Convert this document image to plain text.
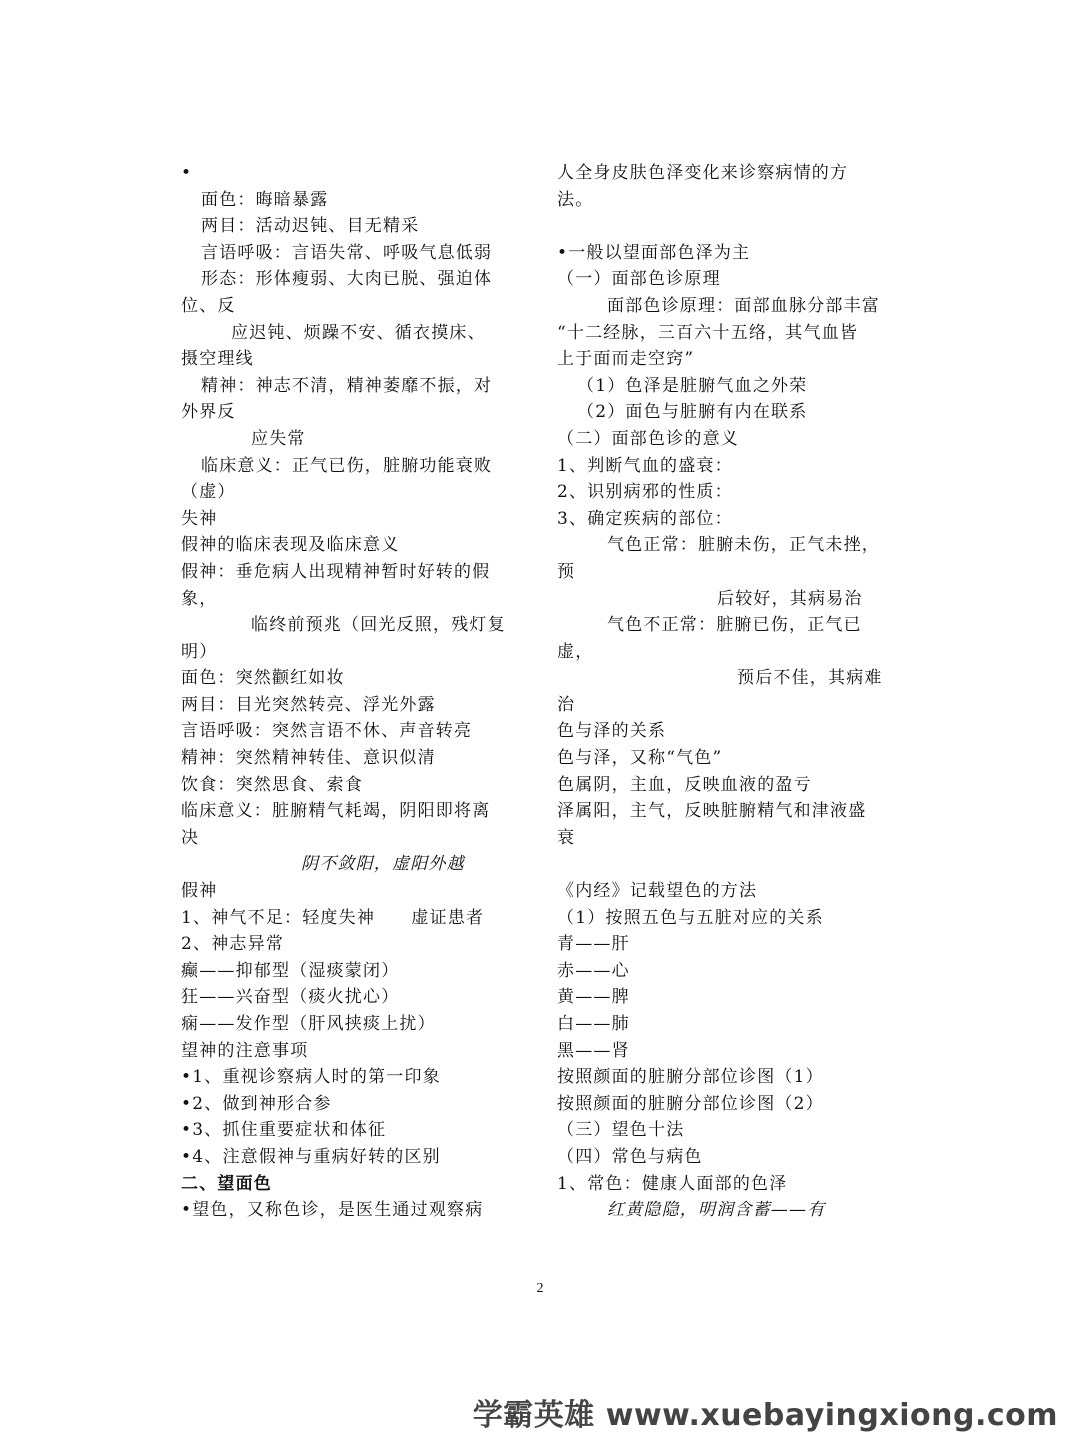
•
面色：晦暗暴露
两目：活动迟钝、目无精采
言语呼吸：言语失常、呼吸气息低弱
形态：形体瘦弱、大肉已脱、强迫体
位、反
应迟钝、烦躁不安、循衣摸床、
摄空理线
精神：神志不清，精神萎靡不振，对
外界反
应失常
临床意义：正气已伤，脏腑功能衰败
（虚）
失神
假神的临床表现及临床意义
假神：垂危病人出现精神暂时好转的假
象，
临终前预兆（回光反照，残灯复
明）
面色：突然颧红如妆
两目：目光突然转亮、浮光外露
言语呼吸：突然言语不休、声音转亮
精神：突然精神转佳、意识似清
饮食：突然思食、索食
临床意义：脏腑精气耗竭，阴阳即将离
决
阴不敛阳，虚阳外越
假神
1、神气不足：轻度失神　　虚证患者
2、神志异常
癫——抑郁型（湿痰蒙闭）
狂——兴奋型（痰火扰心）
痫——发作型（肝风挟痰上扰）
望神的注意事项
•1、重视诊察病人时的第一印象
•2、做到神形合参
•3、抓住重要症状和体征
•4、注意假神与重病好转的区别
二、望面色
•望色，又称色诊，是医生通过观察病
人全身皮肤色泽变化来诊察病情的方
法。
•一般以望面部色泽为主
（一）面部色诊原理
面部色诊原理：面部血脉分部丰富
“十二经脉，三百六十五络，其气血皆
上于面而走空窍”
（1）色泽是脏腑气血之外荣
（2）面色与脏腑有内在联系
（二）面部色诊的意义
1、判断气血的盛衰：
2、识别病邪的性质：
3、确定疾病的部位：
气色正常：脏腑未伤，正气未挫，
预
后较好，其病易治
气色不正常：脏腑已伤，正气已
虚，
预后不佳，其病难
治
色与泽的关系
色与泽，又称“气色”
色属阴，主血，反映血液的盈亏
泽属阳，主气，反映脏腑精气和津液盛
衰
《内经》记载望色的方法
（1）按照五色与五脏对应的关系
青——肝
赤——心
黄——脾
白——肺
黑——肾
按照颜面的脏腑分部位诊图（1）
按照颜面的脏腑分部位诊图（2）
（三）望色十法
（四）常色与病色
1、常色：健康人面部的色泽
红黄隐隐，明润含蓄——有
2
学霸英雄 www.xuebayingxiong.com
